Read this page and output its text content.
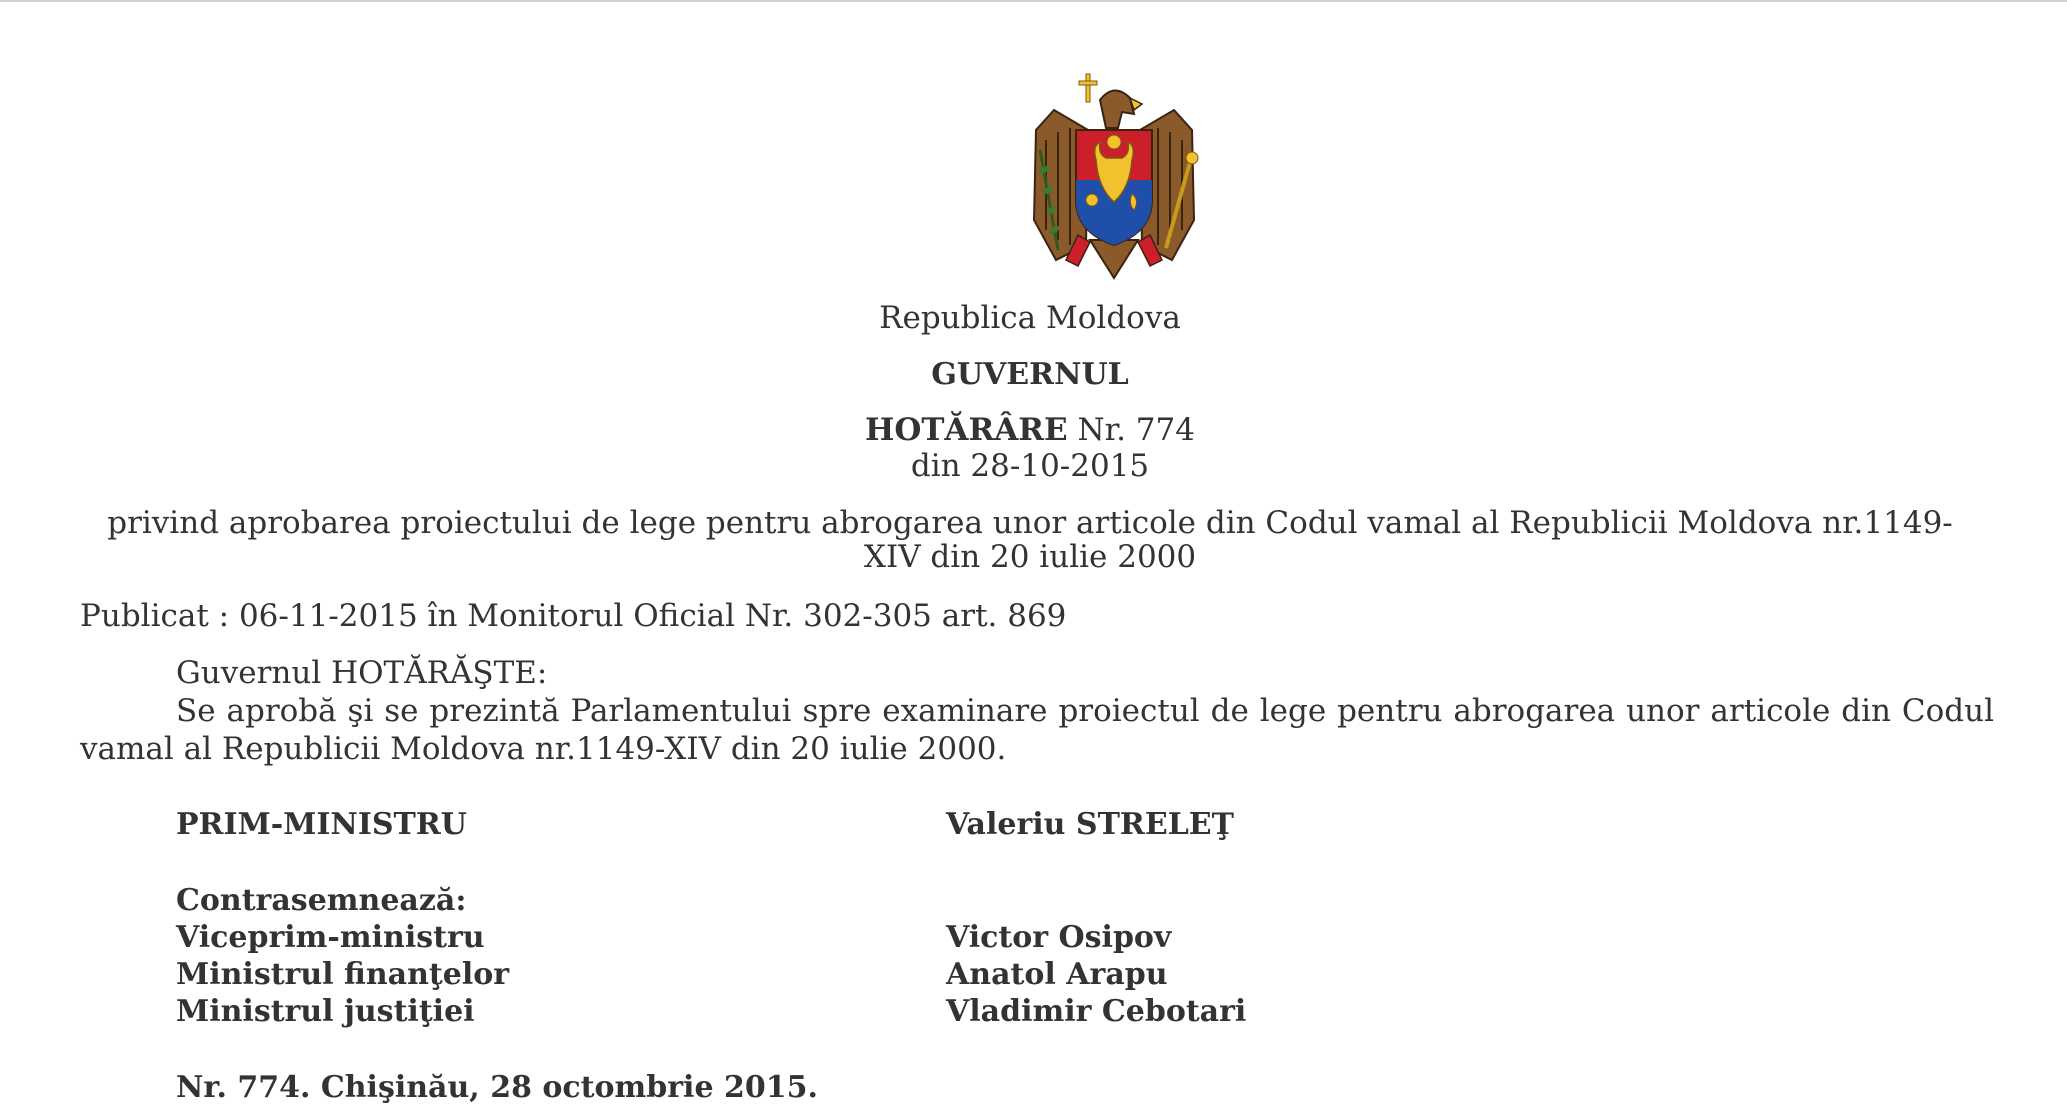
Republica Moldova
GUVERNUL
HOTĂRÂRE Nr. 774
din 28-10-2015
privind aprobarea proiectului de lege pentru abrogarea unor articole din Codul vamal al Republicii Moldova nr.1149-XIV din 20 iulie 2000
Publicat : 06-11-2015 în Monitorul Oficial Nr. 302-305 art. 869
Guvernul HOTĂRĂŞTE:
Se aprobă şi se prezintă Parlamentului spre examinare proiectul de lege pentru abrogarea unor articole din Codul vamal al Republicii Moldova nr.1149-XIV din 20 iulie 2000.
PRIM-MINISTRU	Valeriu STRELEŢ
Contrasemnează:
Viceprim-ministru	Victor Osipov
Ministrul finanţelor	Anatol Arapu
Ministrul justiţiei	Vladimir Cebotari
Nr. 774. Chişinău, 28 octombrie 2015.
